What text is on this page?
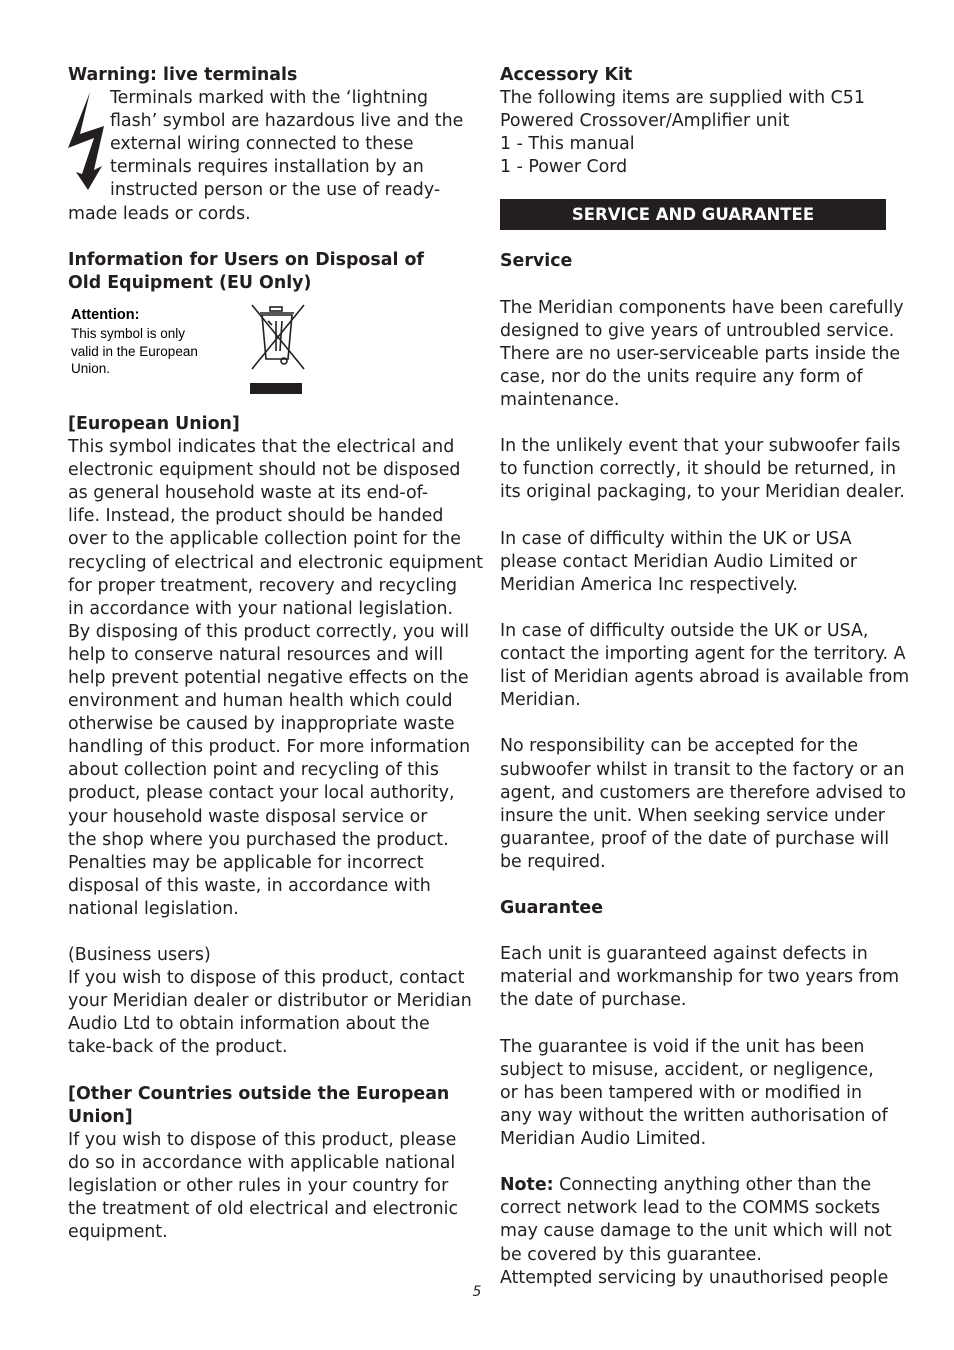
Warning: live terminals
Terminals marked with the ‘lightning
flash’ symbol are hazardous live and the
external wiring connected to these
terminals requires installation by an
instructed person or the use of ready-
made leads or cords.
Information for Users on Disposal of
Old Equipment (EU Only)
Attention:
This symbol is only
valid in the European
Union.
[European Union]
This symbol indicates that the electrical and
electronic equipment should not be disposed
as general household waste at its end-of-
life. Instead, the product should be handed
over to the applicable collection point for the
recycling of electrical and electronic equipment
for proper treatment, recovery and recycling
in accordance with your national legislation.
By disposing of this product correctly, you will
help to conserve natural resources and will
help prevent potential negative effects on the
environment and human health which could
otherwise be caused by inappropriate waste
handling of this product. For more information
about collection point and recycling of this
product, please contact your local authority,
your household waste disposal service or
the shop where you purchased the product.
Penalties may be applicable for incorrect
disposal of this waste, in accordance with
national legislation.
(Business users)
If you wish to dispose of this product, contact
your Meridian dealer or distributor or Meridian
Audio Ltd to obtain information about the
take-back of the product.
[Other Countries outside the European
Union]
If you wish to dispose of this product, please
do so in accordance with applicable national
legislation or other rules in your country for
the treatment of old electrical and electronic
equipment.
Accessory Kit
The following items are supplied with C51
Powered Crossover/Amplifier unit
1 - This manual
1 - Power Cord
SERVICE AND GUARANTEE
Service
The Meridian components have been carefully
designed to give years of untroubled service.
There are no user-serviceable parts inside the
case, nor do the units require any form of
maintenance.
In the unlikely event that your subwoofer fails
to function correctly, it should be returned, in
its original packaging, to your Meridian dealer.
In case of difficulty within the UK or USA
please contact Meridian Audio Limited or
Meridian America Inc respectively.
In case of difficulty outside the UK or USA,
contact the importing agent for the territory. A
list of Meridian agents abroad is available from
Meridian.
No responsibility can be accepted for the
subwoofer whilst in transit to the factory or an
agent, and customers are therefore advised to
insure the unit. When seeking service under
guarantee, proof of the date of purchase will
be required.
Guarantee
Each unit is guaranteed against defects in
material and workmanship for two years from
the date of purchase.
The guarantee is void if the unit has been
subject to misuse, accident, or negligence,
or has been tampered with or modified in
any way without the written authorisation of
Meridian Audio Limited.
Note: Connecting anything other than the
correct network lead to the COMMS sockets
may cause damage to the unit which will not
be covered by this guarantee.
Attempted servicing by unauthorised people
5
